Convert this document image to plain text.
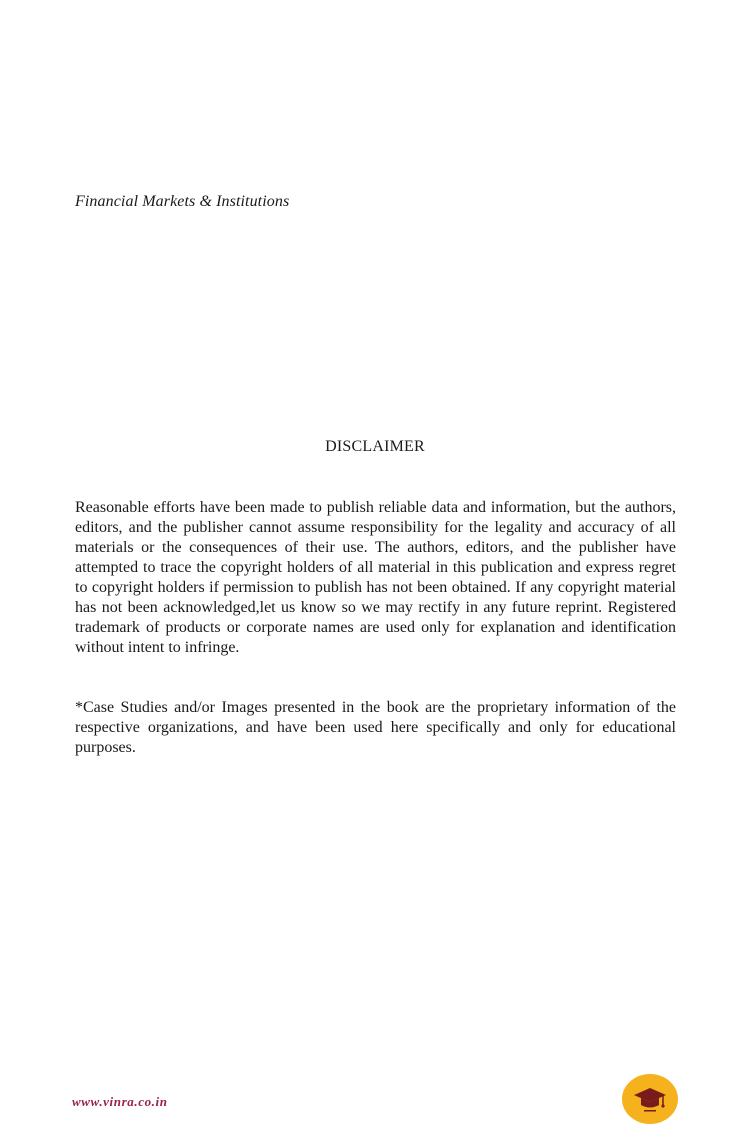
Financial Markets & Institutions
DISCLAIMER

Reasonable efforts have been made to publish reliable data and information, but the authors, editors, and the publisher cannot assume responsibility for the legality and accuracy of all materials or the consequences of their use. The authors, editors, and the publisher have attempted to trace the copyright holders of all material in this publication and express regret to copyright holders if permission to publish has not been obtained. If any copyright material has not been acknowledged,let us know so we may rectify in any future reprint. Registered trademark of products or corporate names are used only for explanation and identification without intent to infringe.

*Case Studies and/or Images presented in the book are the proprietary information of the respective organizations, and have been used here specifically and only for educational purposes.

www.vinra.co.in
